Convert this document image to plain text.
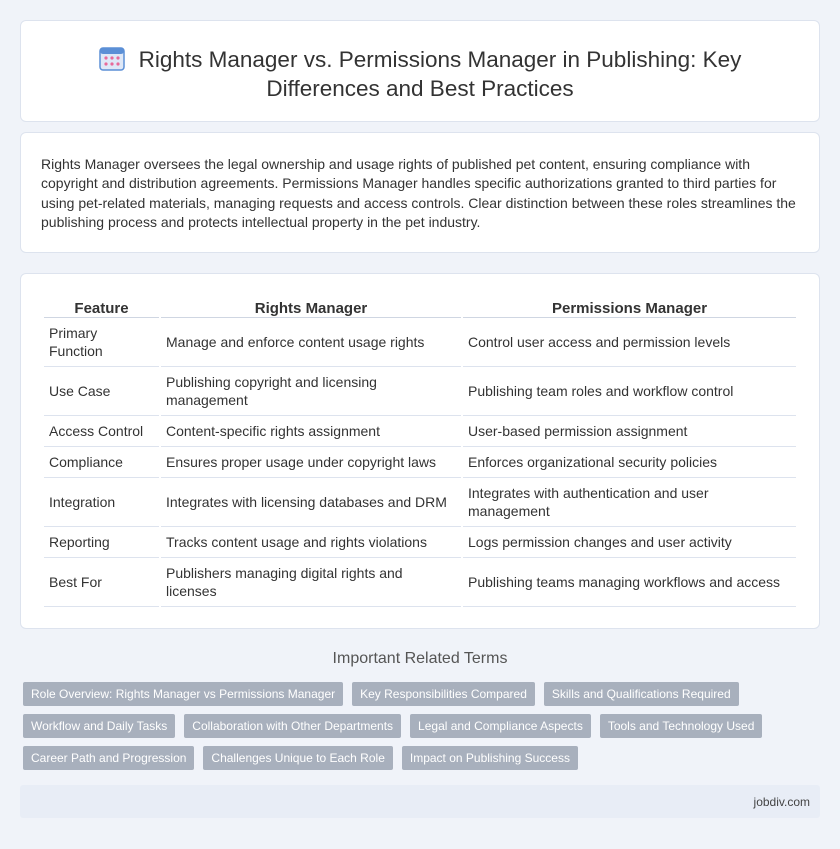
Rights Manager vs. Permissions Manager in Publishing: Key Differences and Best Practices

Rights Manager oversees the legal ownership and usage rights of published pet content, ensuring compliance with copyright and distribution agreements. Permissions Manager handles specific authorizations granted to third parties for using pet-related materials, managing requests and access controls. Clear distinction between these roles streamlines the publishing process and protects intellectual property in the pet industry.

Feature	Rights Manager	Permissions Manager
Primary Function	Manage and enforce content usage rights	Control user access and permission levels
Use Case	Publishing copyright and licensing management	Publishing team roles and workflow control
Access Control	Content-specific rights assignment	User-based permission assignment
Compliance	Ensures proper usage under copyright laws	Enforces organizational security policies
Integration	Integrates with licensing databases and DRM	Integrates with authentication and user management
Reporting	Tracks content usage and rights violations	Logs permission changes and user activity
Best For	Publishers managing digital rights and licenses	Publishing teams managing workflows and access
Important Related Terms
Role Overview: Rights Manager vs Permissions Manager	Key Responsibilities Compared	Skills and Qualifications Required
Workflow and Daily Tasks	Collaboration with Other Departments	Legal and Compliance Aspects	Tools and Technology Used
Career Path and Progression	Challenges Unique to Each Role	Impact on Publishing Success
jobdiv.com
